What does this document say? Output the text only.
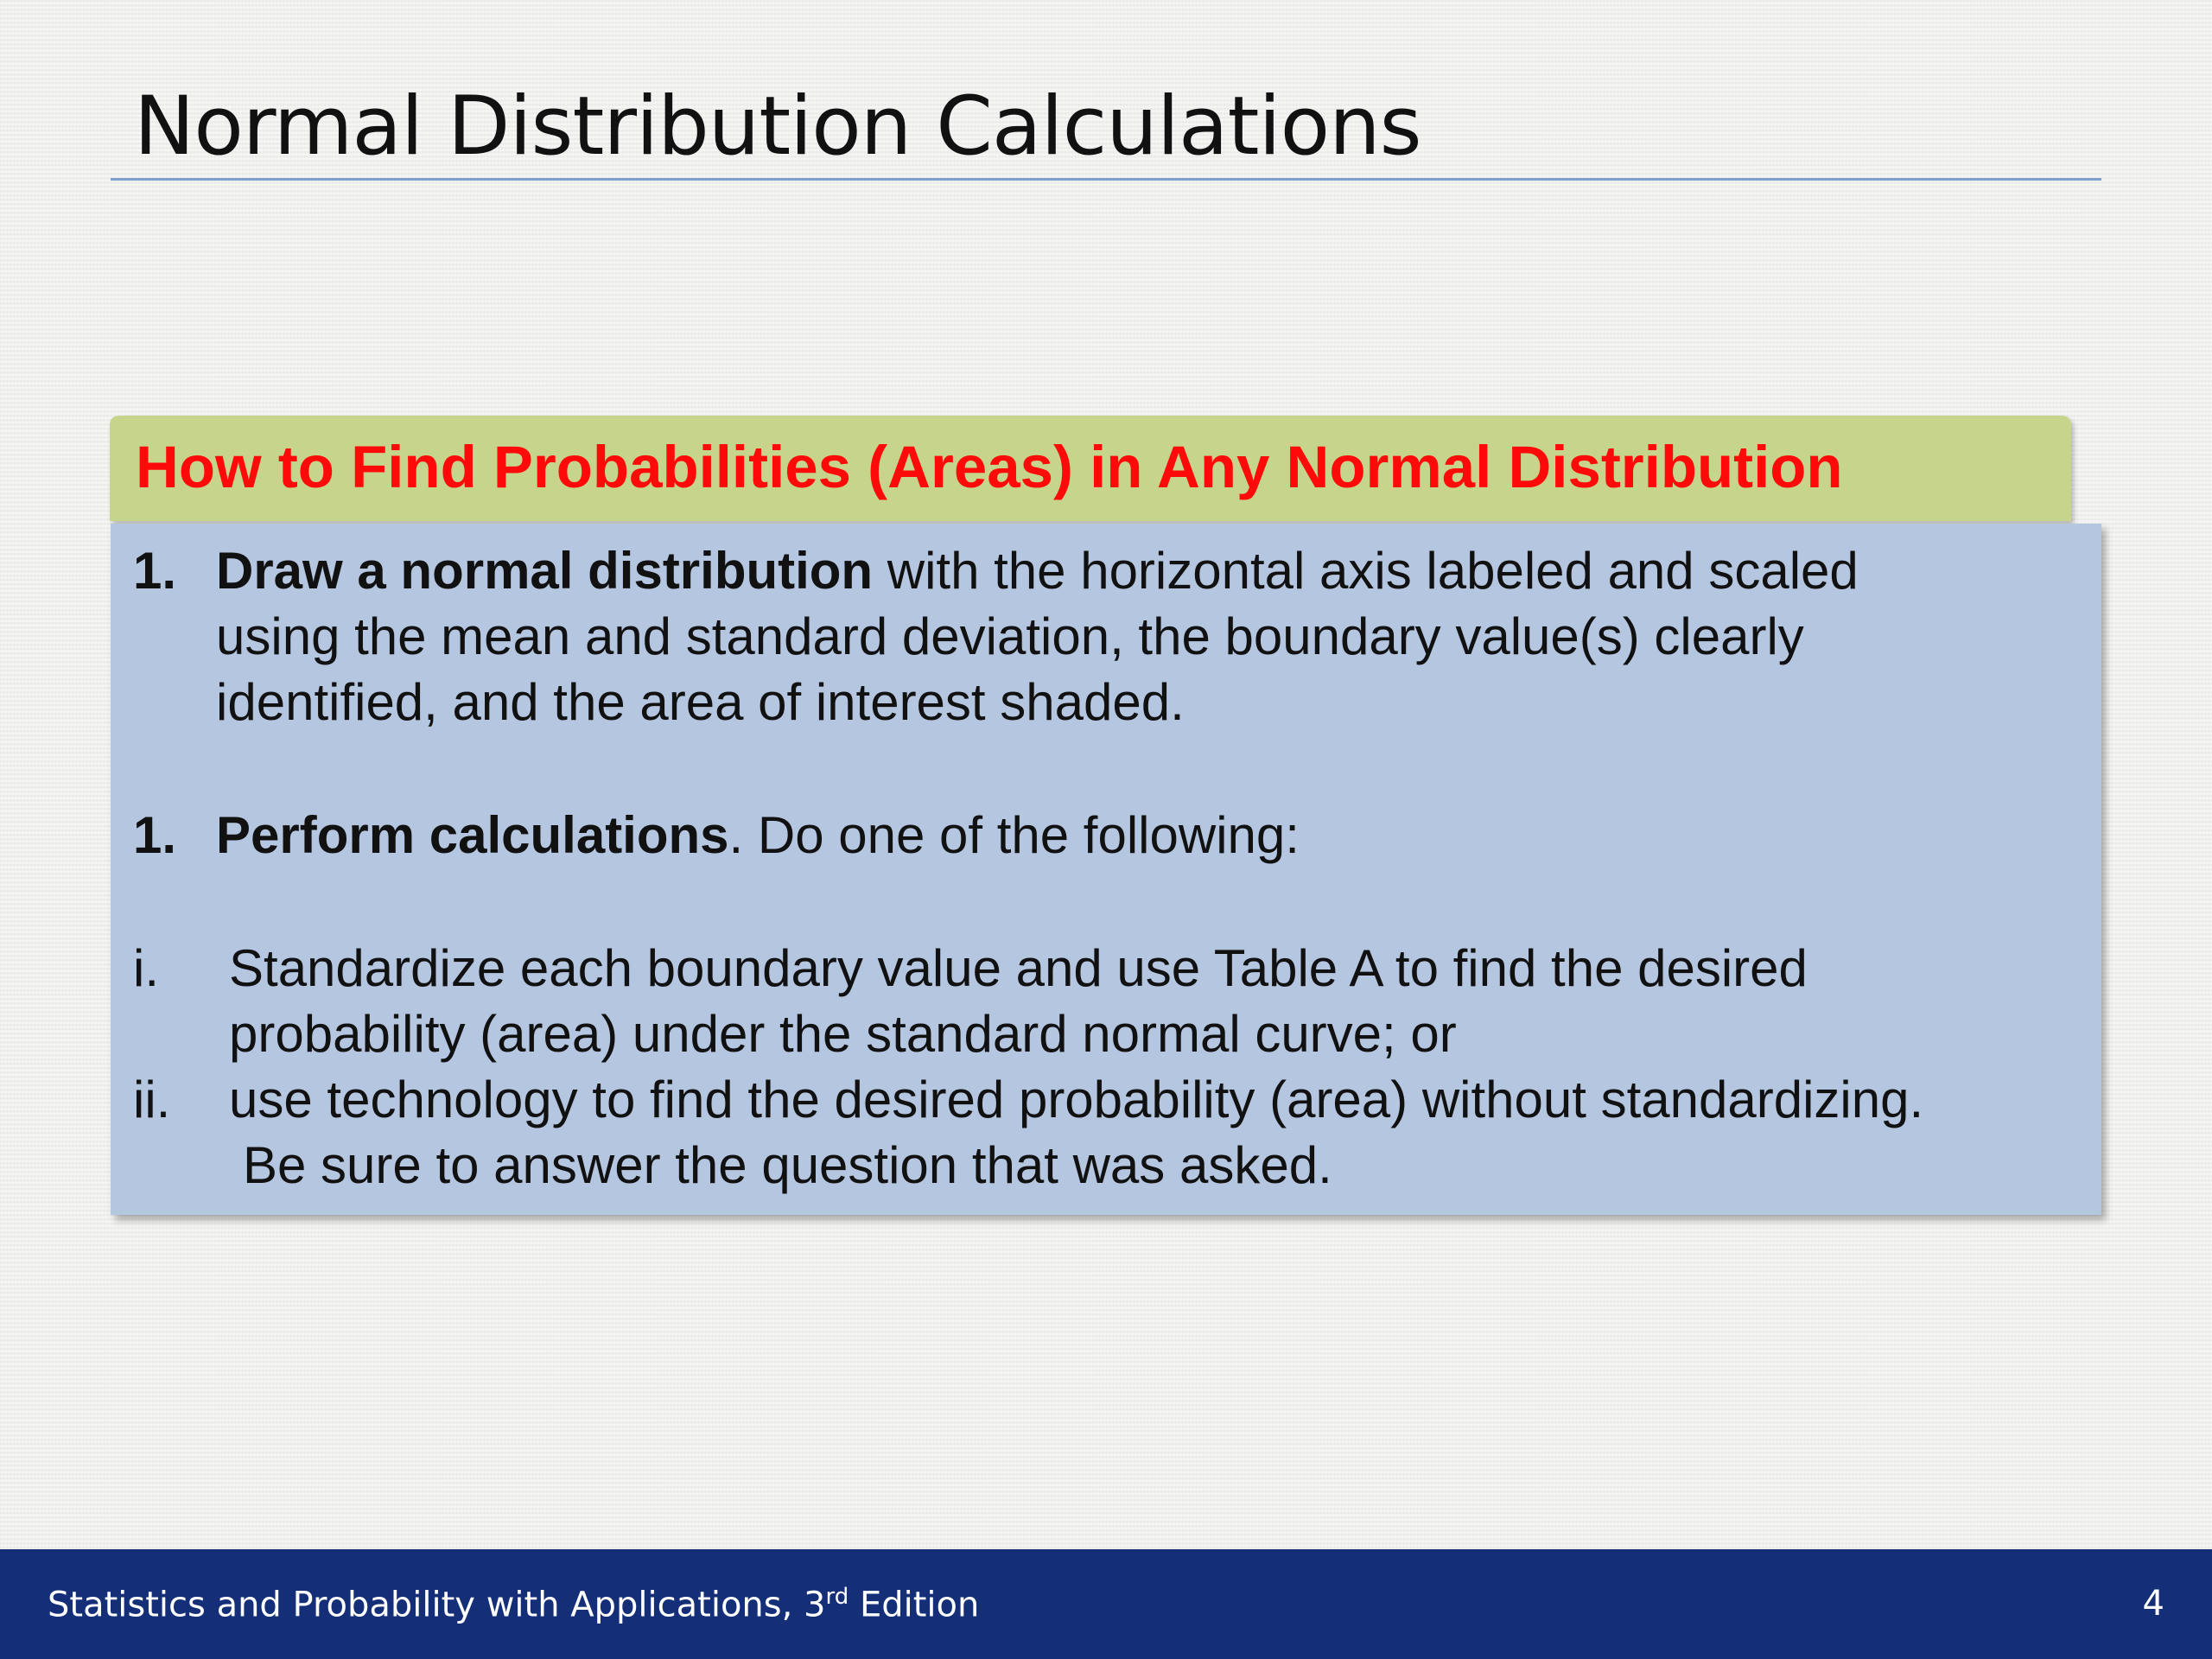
Normal Distribution Calculations
How to Find Probabilities (Areas) in Any Normal Distribution
1. Draw a normal distribution with the horizontal axis labeled and scaled
using the mean and standard deviation, the boundary value(s) clearly
identified, and the area of interest shaded.
1. Perform calculations. Do one of the following:
i. Standardize each boundary value and use Table A to find the desired
probability (area) under the standard normal curve; or
ii. use technology to find the desired probability (area) without standardizing.
Be sure to answer the question that was asked.
Statistics and Probability with Applications, 3rd Edition	4
